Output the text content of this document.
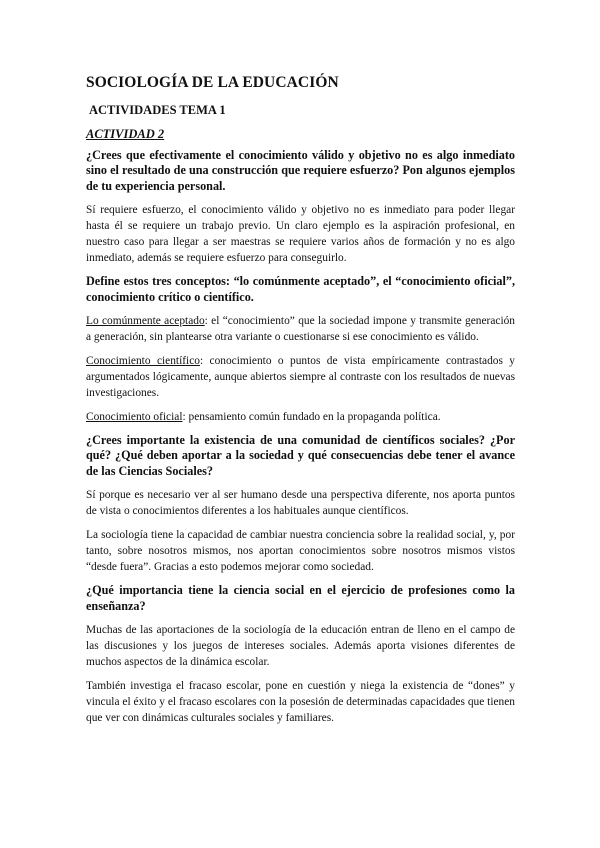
SOCIOLOGÍA DE LA EDUCACIÓN
ACTIVIDADES TEMA 1
ACTIVIDAD 2

¿Crees que efectivamente el conocimiento válido y objetivo no es algo inmediato sino el resultado de una construcción que requiere esfuerzo? Pon algunos ejemplos de tu experiencia personal.

Sí requiere esfuerzo, el conocimiento válido y objetivo no es inmediato para poder llegar hasta él se requiere un trabajo previo. Un claro ejemplo es la aspiración profesional, en nuestro caso para llegar a ser maestras se requiere varios años de formación y no es algo inmediato, además se requiere esfuerzo para conseguirlo.

Define estos tres conceptos: “lo comúnmente aceptado”, el “conocimiento oficial”, conocimiento crítico o científico.

Lo comúnmente aceptado: el “conocimiento” que la sociedad impone y transmite generación a generación, sin plantearse otra variante o cuestionarse si ese conocimiento es válido.

Conocimiento científico: conocimiento o puntos de vista empíricamente contrastados y argumentados lógicamente, aunque abiertos siempre al contraste con los resultados de nuevas investigaciones.

Conocimiento oficial: pensamiento común fundado en la propaganda política.

¿Crees importante la existencia de una comunidad de científicos sociales? ¿Por qué? ¿Qué deben aportar a la sociedad y qué consecuencias debe tener el avance de las Ciencias Sociales?

Sí porque es necesario ver al ser humano desde una perspectiva diferente, nos aporta puntos de vista o conocimientos diferentes a los habituales aunque científicos.

La sociología tiene la capacidad de cambiar nuestra conciencia sobre la realidad social, y, por tanto, sobre nosotros mismos, nos aportan conocimientos sobre nosotros mismos vistos “desde fuera”. Gracias a esto podemos mejorar como sociedad.

¿Qué importancia tiene la ciencia social en el ejercicio de profesiones como la enseñanza?

Muchas de las aportaciones de la sociología de la educación entran de lleno en el campo de las discusiones y los juegos de intereses sociales. Además aporta visiones diferentes de muchos aspectos de la dinámica escolar.

También investiga el fracaso escolar, pone en cuestión y niega la existencia de “dones” y vincula el éxito y el fracaso escolares con la posesión de determinadas capacidades que tienen que ver con dinámicas culturales sociales y familiares.
